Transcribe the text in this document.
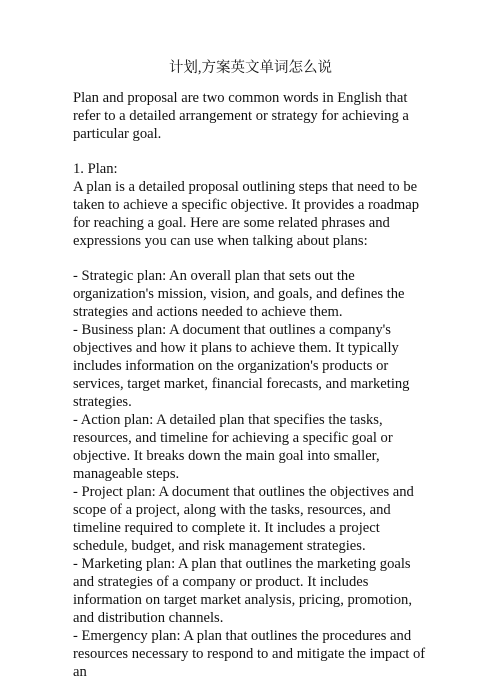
计划,方案英文单词怎么说

Plan and proposal are two common words in English that refer to a detailed arrangement or strategy for achieving a particular goal.

1. Plan:

A plan is a detailed proposal outlining steps that need to be taken to achieve a specific objective. It provides a roadmap for reaching a goal. Here are some related phrases and expressions you can use when talking about plans:

- Strategic plan: An overall plan that sets out the organization's mission, vision, and goals, and defines the strategies and actions needed to achieve them.

- Business plan: A document that outlines a company's objectives and how it plans to achieve them. It typically includes information on the organization's products or services, target market, financial forecasts, and marketing strategies.

- Action plan: A detailed plan that specifies the tasks, resources, and timeline for achieving a specific goal or objective. It breaks down the main goal into smaller, manageable steps.

- Project plan: A document that outlines the objectives and scope of a project, along with the tasks, resources, and timeline required to complete it. It includes a project schedule, budget, and risk management strategies.

- Marketing plan: A plan that outlines the marketing goals and strategies of a company or product. It includes information on target market analysis, pricing, promotion, and distribution channels.

- Emergency plan: A plan that outlines the procedures and resources necessary to respond to and mitigate the impact of an
